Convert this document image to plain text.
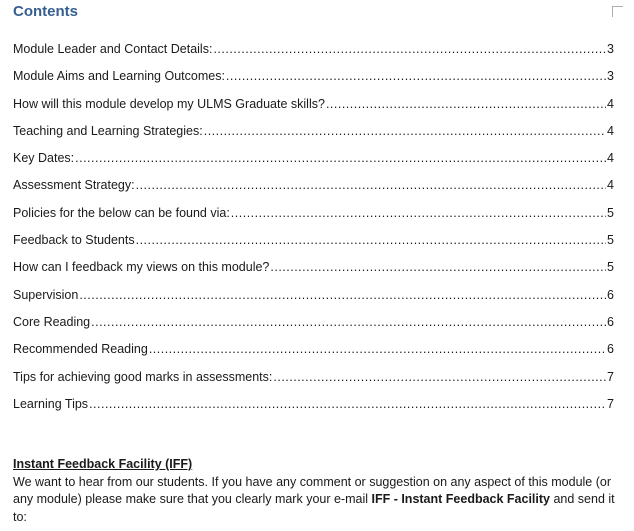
Contents
Module Leader and Contact Details: .....	3
Module Aims and Learning Outcomes: .....	3
How will this module develop my ULMS Graduate skills? .....	4
Teaching and Learning Strategies: .....	4
Key Dates: .....	4
Assessment Strategy: .....	4
Policies for the below can be found via: .....	5
Feedback to Students .....	5
How can I feedback my views on this module? .....	5
Supervision .....	6
Core Reading .....	6
Recommended Reading .....	6
Tips for achieving good marks in assessments: .....	7
Learning Tips .....	7

Instant Feedback Facility (IFF)

We want to hear from our students. If you have any comment or suggestion on any aspect of this module (or any module) please make sure that you clearly mark your e-mail IFF - Instant Feedback Facility and send it to:
